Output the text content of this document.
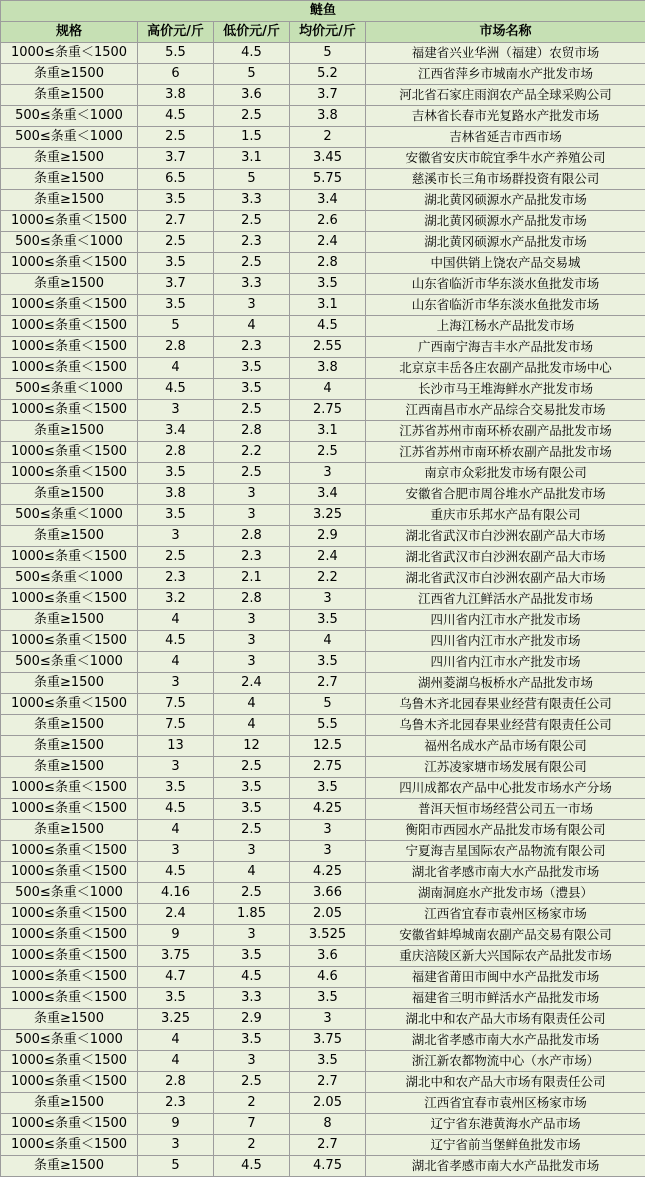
鲢鱼				
规格	高价元/斤	低价元/斤	均价元/斤	市场名称
1000≤条重＜1500	5.5	4.5	5	福建省兴业华洲（福建）农贸市场
条重≥1500	6	5	5.2	江西省萍乡市城南水产批发市场
条重≥1500	3.8	3.6	3.7	河北省石家庄雨润农产品全球采购公司
500≤条重＜1000	4.5	2.5	3.8	吉林省长春市光复路水产批发市场
500≤条重＜1000	2.5	1.5	2	吉林省延吉市西市场
条重≥1500	3.7	3.1	3.45	安徽省安庆市皖宜季牛水产养殖公司
条重≥1500	6.5	5	5.75	慈溪市长三角市场群投资有限公司
条重≥1500	3.5	3.3	3.4	湖北黄冈硕源水产品批发市场
1000≤条重＜1500	2.7	2.5	2.6	湖北黄冈硕源水产品批发市场
500≤条重＜1000	2.5	2.3	2.4	湖北黄冈硕源水产品批发市场
1000≤条重＜1500	3.5	2.5	2.8	中国供销上饶农产品交易城
条重≥1500	3.7	3.3	3.5	山东省临沂市华东淡水鱼批发市场
1000≤条重＜1500	3.5	3	3.1	山东省临沂市华东淡水鱼批发市场
1000≤条重＜1500	5	4	4.5	上海江杨水产品批发市场
1000≤条重＜1500	2.8	2.3	2.55	广西南宁海吉丰水产品批发市场
1000≤条重＜1500	4	3.5	3.8	北京京丰岳各庄农副产品批发市场中心
500≤条重＜1000	4.5	3.5	4	长沙市马王堆海鲜水产批发市场
1000≤条重＜1500	3	2.5	2.75	江西南昌市水产品综合交易批发市场
条重≥1500	3.4	2.8	3.1	江苏省苏州市南环桥农副产品批发市场
1000≤条重＜1500	2.8	2.2	2.5	江苏省苏州市南环桥农副产品批发市场
1000≤条重＜1500	3.5	2.5	3	南京市众彩批发市场有限公司
条重≥1500	3.8	3	3.4	安徽省合肥市周谷堆水产品批发市场
500≤条重＜1000	3.5	3	3.25	重庆市乐邦水产品有限公司
条重≥1500	3	2.8	2.9	湖北省武汉市白沙洲农副产品大市场
1000≤条重＜1500	2.5	2.3	2.4	湖北省武汉市白沙洲农副产品大市场
500≤条重＜1000	2.3	2.1	2.2	湖北省武汉市白沙洲农副产品大市场
1000≤条重＜1500	3.2	2.8	3	江西省九江鲜活水产品批发市场
条重≥1500	4	3	3.5	四川省内江市水产批发市场
1000≤条重＜1500	4.5	3	4	四川省内江市水产批发市场
500≤条重＜1000	4	3	3.5	四川省内江市水产批发市场
条重≥1500	3	2.4	2.7	湖州菱湖乌板桥水产品批发市场
1000≤条重＜1500	7.5	4	5	乌鲁木齐北园春果业经营有限责任公司
条重≥1500	7.5	4	5.5	乌鲁木齐北园春果业经营有限责任公司
条重≥1500	13	12	12.5	福州名成水产品市场有限公司
条重≥1500	3	2.5	2.75	江苏凌家塘市场发展有限公司
1000≤条重＜1500	3.5	3.5	3.5	四川成都农产品中心批发市场水产分场
1000≤条重＜1500	4.5	3.5	4.25	普洱天恒市场经营公司五一市场
条重≥1500	4	2.5	3	衡阳市西园水产品批发市场有限公司
1000≤条重＜1500	3	3	3	宁夏海吉星国际农产品物流有限公司
1000≤条重＜1500	4.5	4	4.25	湖北省孝感市南大水产品批发市场
500≤条重＜1000	4.16	2.5	3.66	湖南洞庭水产批发市场（澧县）
1000≤条重＜1500	2.4	1.85	2.05	江西省宜春市袁州区杨家市场
1000≤条重＜1500	9	3	3.525	安徽省蚌埠城南农副产品交易有限公司
1000≤条重＜1500	3.75	3.5	3.6	重庆涪陵区新大兴国际农产品批发市场
1000≤条重＜1500	4.7	4.5	4.6	福建省莆田市闽中水产品批发市场
1000≤条重＜1500	3.5	3.3	3.5	福建省三明市鲜活水产品批发市场
条重≥1500	3.25	2.9	3	湖北中和农产品大市场有限责任公司
500≤条重＜1000	4	3.5	3.75	湖北省孝感市南大水产品批发市场
1000≤条重＜1500	4	3	3.5	浙江新农都物流中心（水产市场）
1000≤条重＜1500	2.8	2.5	2.7	湖北中和农产品大市场有限责任公司
条重≥1500	2.3	2	2.05	江西省宜春市袁州区杨家市场
1000≤条重＜1500	9	7	8	辽宁省东港黄海水产品市场
1000≤条重＜1500	3	2	2.7	辽宁省前当堡鲜鱼批发市场
条重≥1500	5	4.5	4.75	湖北省孝感市南大水产品批发市场
